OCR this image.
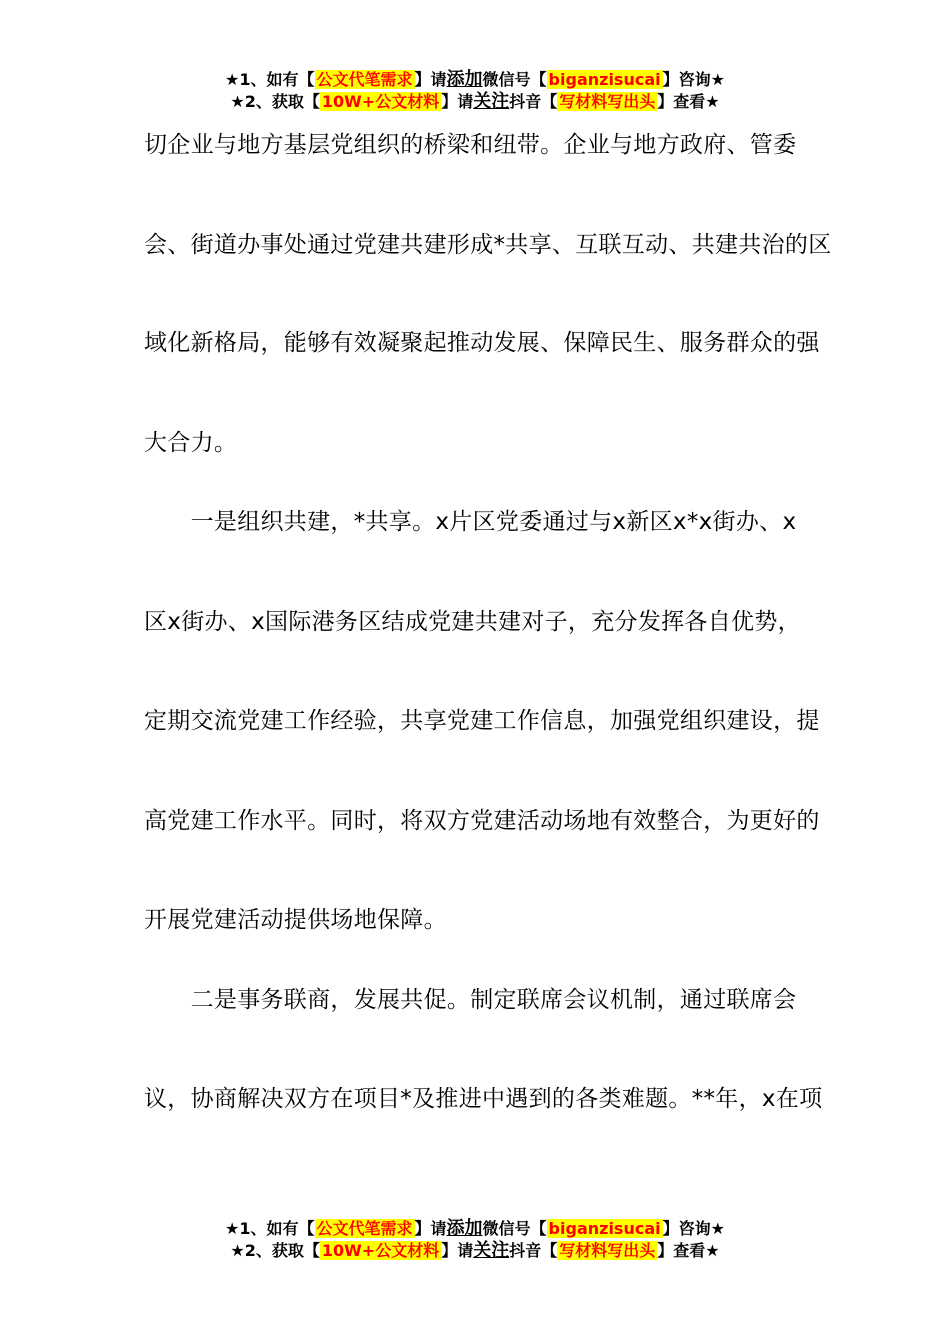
★1、如有【 公文代笔需求 】请添加微信号【 biganzisucai 】咨询★
★2、获取【 10W+公文材料 】请关注抖音【 写材料写出头 】查看★
切企业与地方基层党组织的桥梁和纽带。企业与地方政府、管委
会、街道办事处通过党建共建形成*共享、互联互动、共建共治的区
域化新格局，能够有效凝聚起推动发展、保障民生、服务群众的强
大合力。
　　一是组织共建，*共享。x片区党委通过与x新区x*x街办、x
区x街办、x国际港务区结成党建共建对子，充分发挥各自优势，
定期交流党建工作经验，共享党建工作信息，加强党组织建设，提
高党建工作水平。同时，将双方党建活动场地有效整合，为更好的
开展党建活动提供场地保障。
　　二是事务联商，发展共促。制定联席会议机制，通过联席会
议，协商解决双方在项目*及推进中遇到的各类难题。**年，x在项
★1、如有【 公文代笔需求 】请添加微信号【 biganzisucai 】咨询★
★2、获取【 10W+公文材料 】请关注抖音【 写材料写出头 】查看★
